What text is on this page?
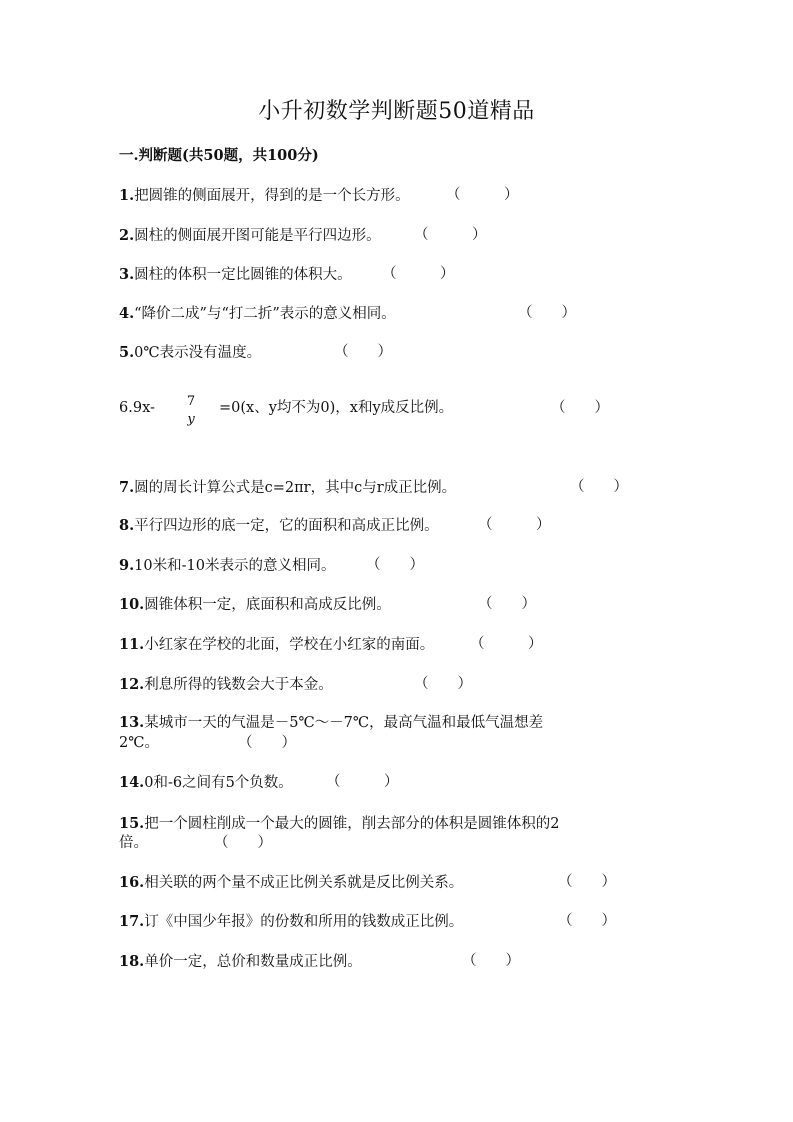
小升初数学判断题50道精品
一.判断题(共50题，共100分)
1.把圆锥的侧面展开，得到的是一个长方形。	（　　　）
2.圆柱的侧面展开图可能是平行四边形。 （　　　）
3.圆柱的体积一定比圆锥的体积大。 （　　　）
4.“降价二成”与“打二折”表示的意义相同。	（　　）
5.0℃表示没有温度。	（　　）
6.9x- 7
y
=0(x、y均不为0)，x和y成反比例。	（　　）
7.圆的周长计算公式是c=2πr，其中c与r成正比例。	（　　）
8.平行四边形的底一定，它的面积和高成正比例。	（　　　）
9.10米和-10米表示的意义相同。 （　　）
10.圆锥体积一定，底面积和高成反比例。	（　　）
11.小红家在学校的北面，学校在小红家的南面。 （　　　）
12.利息所得的钱数会大于本金。	（　　）
13.某城市一天的气温是－5℃～－7℃，最高气温和最低气温想差
2℃。	（　　）
14.0和-6之间有5个负数。 （　　　）
15.把一个圆柱削成一个最大的圆锥，削去部分的体积是圆锥体积的2
倍。	（　　）
16.相关联的两个量不成正比例关系就是反比例关系。	（　　）
17.订《中国少年报》的份数和所用的钱数成正比例。	（　　）
18.单价一定，总价和数量成正比例。	（　　）
